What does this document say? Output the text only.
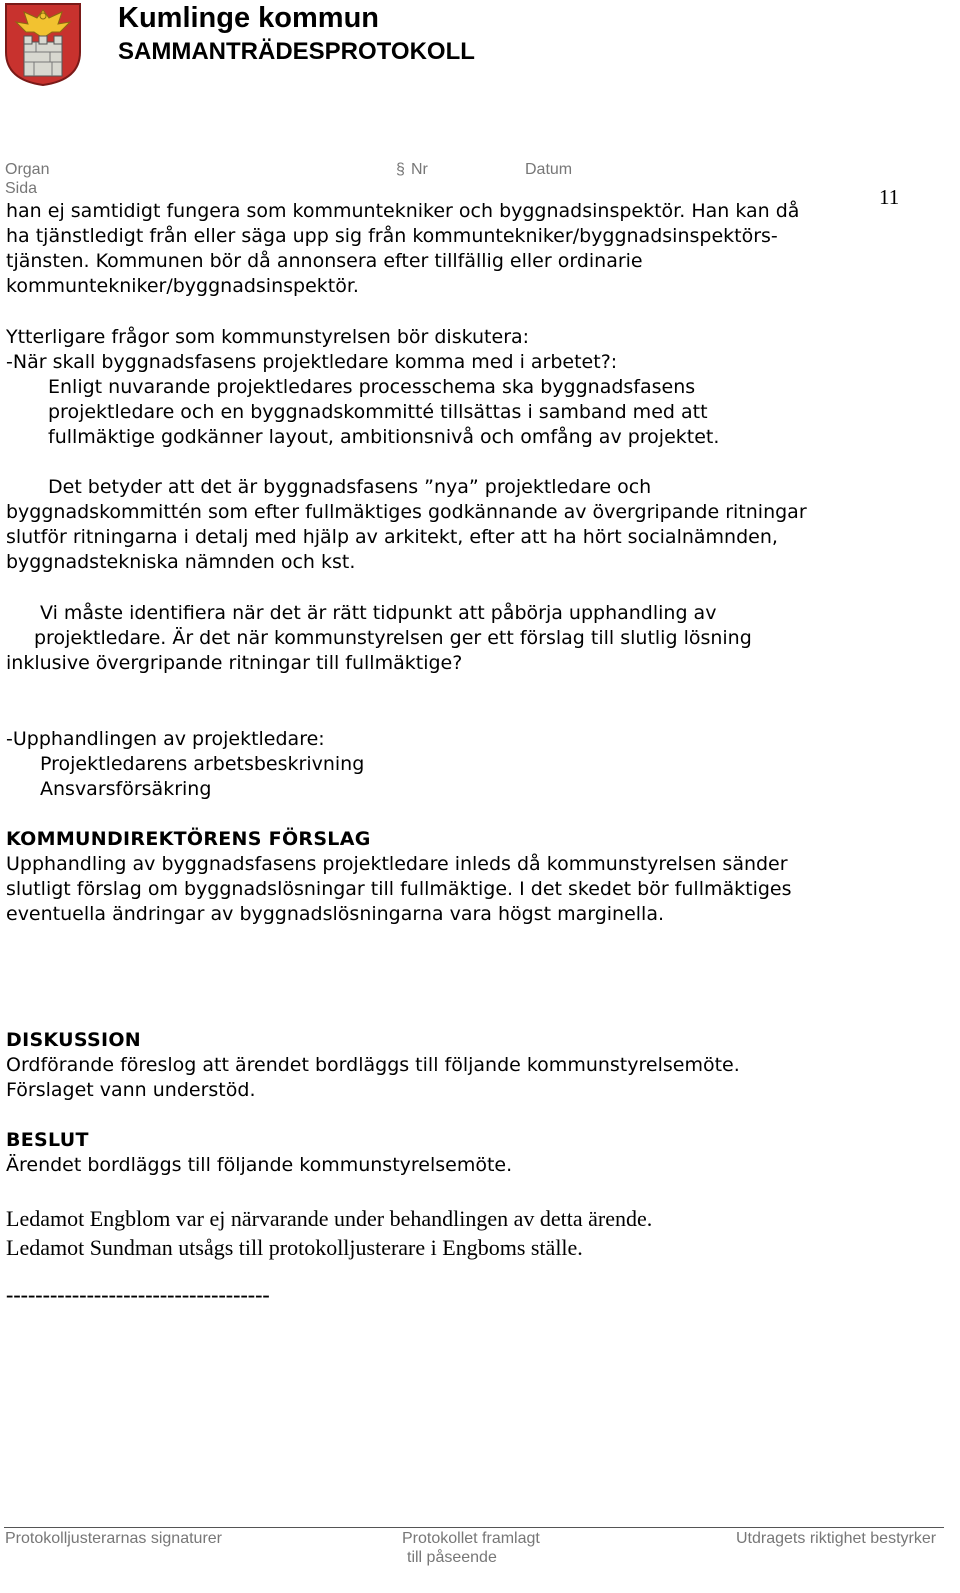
Kumlinge kommun
SAMMANTRÄDESPROTOKOLL
Organ	§ Nr	Datum
Sida	11

han ej samtidigt fungera som kommuntekniker och byggnadsinspektör. Han kan då

ha tjänstledigt från eller säga upp sig från kommuntekniker/byggnadsinspektörs-

tjänsten. Kommunen bör då annonsera efter tillfällig eller ordinarie

kommuntekniker/byggnadsinspektör.

Ytterligare frågor som kommunstyrelsen bör diskutera:

-När skall byggnadsfasens projektledare komma med i arbetet?:

Enligt nuvarande projektledares processchema ska byggnadsfasens

projektledare och en byggnadskommitté tillsättas i samband med att

fullmäktige godkänner layout, ambitionsnivå och omfång av projektet.

Det betyder att det är byggnadsfasens ”nya” projektledare och

byggnadskommittén som efter fullmäktiges godkännande av övergripande ritningar

slutför ritningarna i detalj med hjälp av arkitekt, efter att ha hört socialnämnden,

byggnadstekniska nämnden och kst.

Vi måste identifiera när det är rätt tidpunkt att påbörja upphandling av

projektledare. Är det när kommunstyrelsen ger ett förslag till slutlig lösning

inklusive övergripande ritningar till fullmäktige?

-Upphandlingen av projektledare:

Projektledarens arbetsbeskrivning

Ansvarsförsäkring

KOMMUNDIREKTÖRENS FÖRSLAG

Upphandling av byggnadsfasens projektledare inleds då kommunstyrelsen sänder

slutligt förslag om byggnadslösningar till fullmäktige. I det skedet bör fullmäktiges

eventuella ändringar av byggnadslösningarna vara högst marginella.

DISKUSSION

Ordförande föreslog att ärendet bordläggs till följande kommunstyrelsemöte.

Förslaget vann understöd.

BESLUT

Ärendet bordläggs till följande kommunstyrelsemöte.

Ledamot Engblom var ej närvarande under behandlingen av detta ärende.

Ledamot Sundman utsågs till protokolljusterare i Engboms ställe.

------------------------------------
Protokolljusterarnas signaturer	Protokollet framlagt
till påseende
Utdragets riktighet bestyrker
